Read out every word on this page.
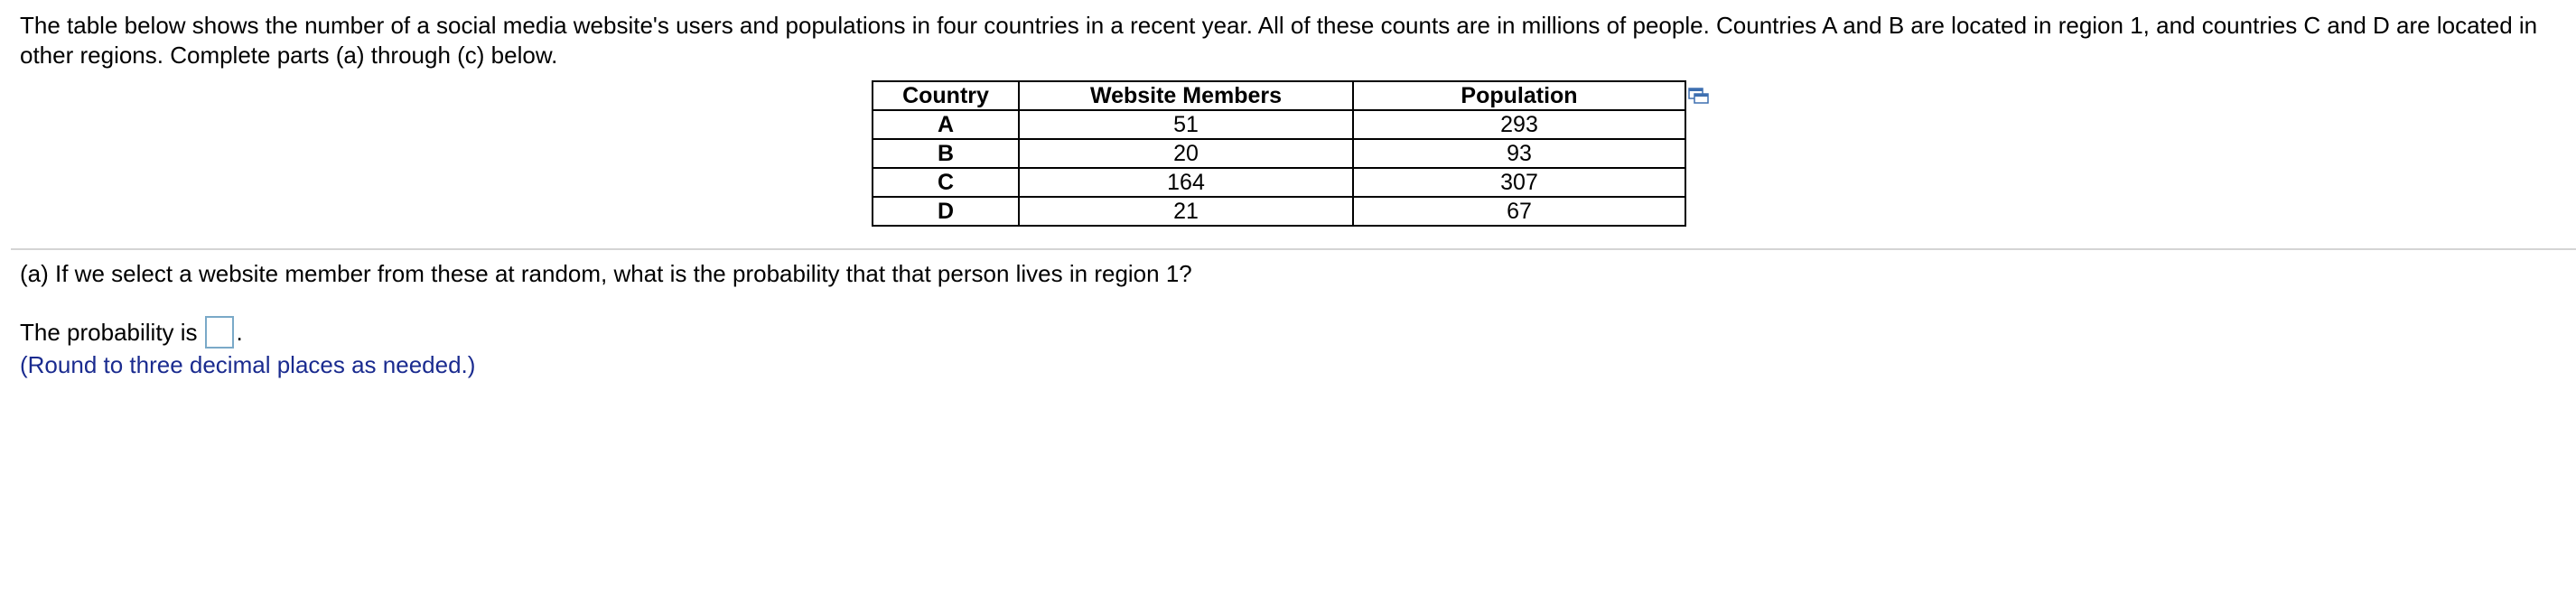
The table below shows the number of a social media website's users and populations in four countries in a recent year. All of these counts are in millions of people. Countries A and B are located in region 1, and countries C and D are located in other regions. Complete parts (a) through (c) below.

Country	Website Members	Population
A	51	293
B	20	93
C	164	307
D	21	67

(a) If we select a website member from these at random, what is the probability that that person lives in region 1?

The probability is .

(Round to three decimal places as needed.)
